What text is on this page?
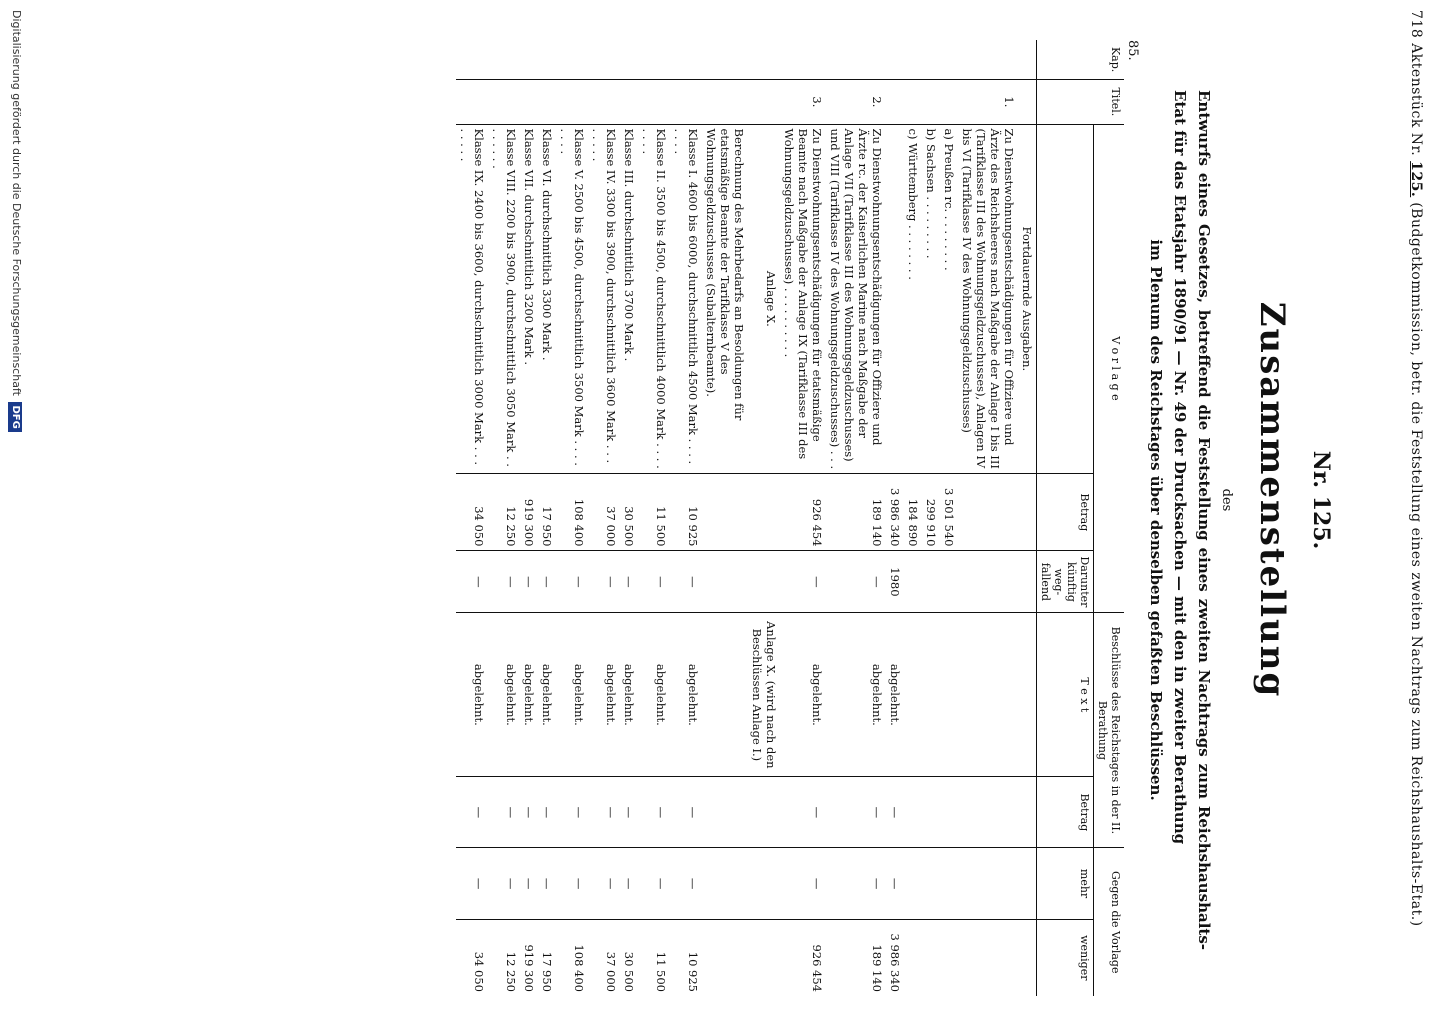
718 Aktenstück Nr. 125. (Budgetkommission, betr. die Feststellung eines zweiten Nachtrags zum Reichshaushalts-Etat.)
Nr. 125.
Zusammenstellung
des
Entwurfs eines Gesetzes, betreffend die Feststellung eines zweiten Nachtrags zum Reichshaushalts-Etat für das Etatsjahr 1890/91 — Nr. 49 der Drucksachen — mit den in zweiter Berathung
im Plenum des Reichstages über denselben gefaßten Beschlüssen.
85.
Kap.	Titel.	V o r l a g e			Beschlüsse des Reichstages in der II. Berathung		Gegen die Vorlage	
			Betrag	Darunter künftig weg-fallend	T e x t	Betrag	mehr	weniger
		Fortdauernde Ausgaben.						
	1.	Zu Dienstwohnungsentschädigungen für Offiziere und Ärzte des Reichsheeres nach Maßgabe der Anlage I bis III (Tarifklasse III des Wohnungsgeldzuschusses), Anlagen IV bis VI (Tarifklasse IV des Wohnungsgeldzuschusses)						
		a) Preußen rc. . . . . . . . .	3 501 540					
		b) Sachsen . . . . . . . . .	299 910					
		c) Württemberg . . . . . . . .	184 890					
			3 986 340	1980	abgelehnt.	—	—	3 986 340
	2.	Zu Dienstwohnungsentschädigungen für Offiziere und Ärzte rc. der Kaiserlichen Marine nach Maßgabe der Anlage VII (Tarifklasse III des Wohnungsgeldzuschusses) und VIII (Tarifklasse IV des Wohnungsgeldzuschusses) . . .	189 140	—	abgelehnt.	—	—	189 140
	3.	Zu Dienstwohnungsentschädigungen für etatsmäßige Beamte nach Maßgabe der Anlage IX (Tarifklasse III des Wohnungsgeldzuschusses) . . . . . . . . . .	926 454	—	abgelehnt.	—	—	926 454
		Anlage X.			Anlage X. (wird nach den Beschlüssen Anlage I.)			
		Berechnung des Mehrbedarfs an Besoldungen für etatsmäßige Beamte der Tarifklasse V des Wohnungsgeldzuschusses (Subalternbeamte).						
		Klasse I. 4600 bis 6000, durchschnittlich 4500 Mark . . . . . . . .	10 925	—	abgelehnt.	—	—	10 925
		Klasse II. 3500 bis 4500, durchschnittlich 4000 Mark . . . . . . . .	11 500	—	abgelehnt.	—	—	11 500
		Klasse III. durchschnittlich 3700 Mark .	30 500	—	abgelehnt.	—	—	30 500
		Klasse IV. 3300 bis 3900, durchschnittlich 3600 Mark . . . . . . . .	37 000	—	abgelehnt.	—	—	37 000
		Klasse V. 2500 bis 4500, durchschnittlich 3500 Mark . . . . . . . .	108 400	—	abgelehnt.	—	—	108 400
		Klasse VI. durchschnittlich 3300 Mark .	17 950	—	abgelehnt.	—	—	17 950
		Klasse VII. durchschnittlich 3200 Mark .	919 300	—	abgelehnt.	—	—	919 300
		Klasse VIII. 2200 bis 3900, durchschnittlich 3050 Mark . . . . . . . .	12 250	—	abgelehnt.	—	—	12 250
		Klasse IX. 2400 bis 3600, durchschnittlich 3000 Mark . . . . . . . .	34 050	—	abgelehnt.	—	—	34 050
Digitalisierung gefördert durch die Deutsche Forschungsgemeinschaft DFG
